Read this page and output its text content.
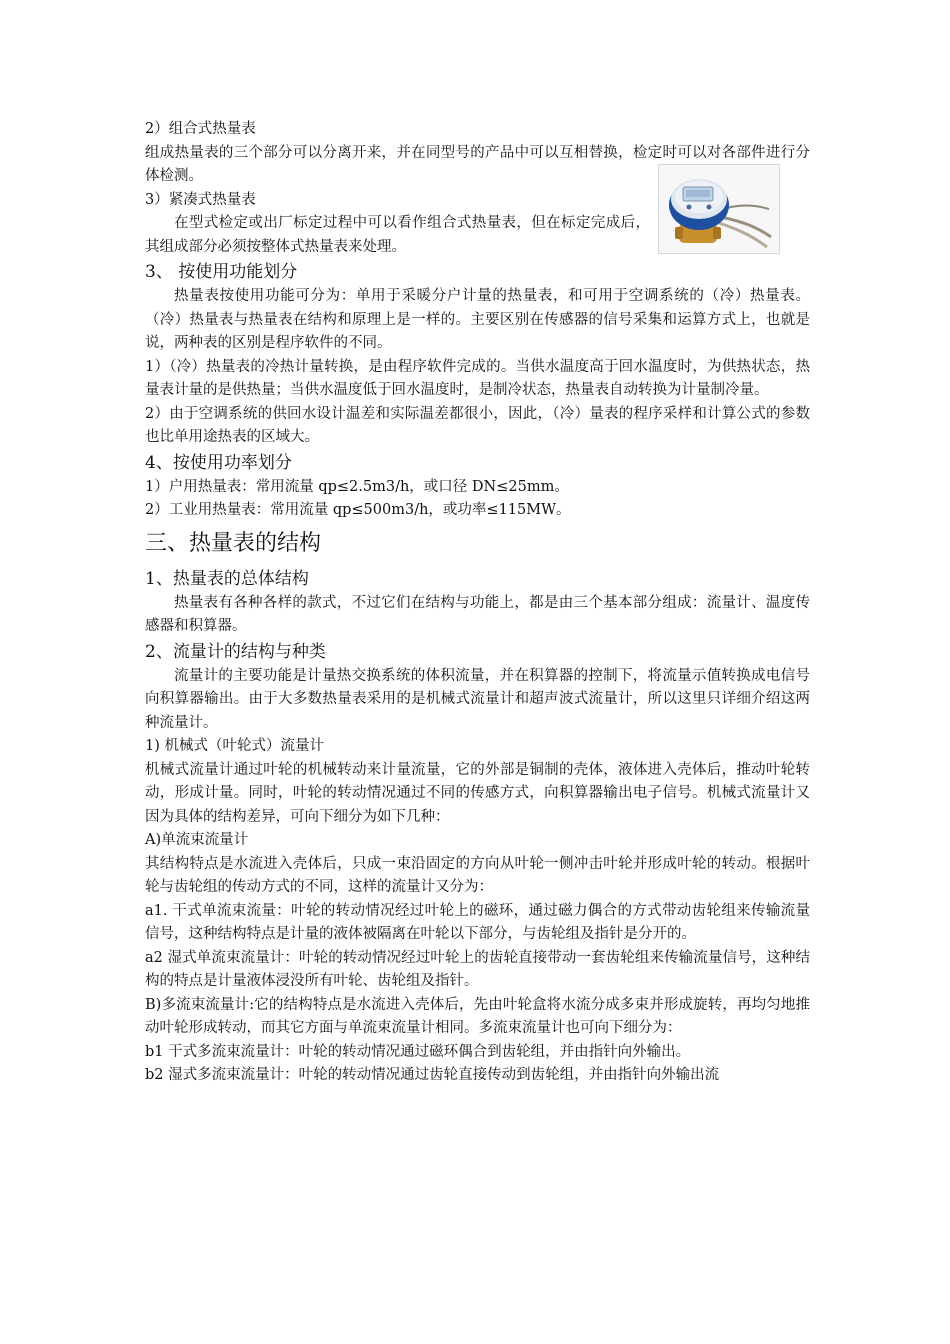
2）组合式热量表

组成热量表的三个部分可以分离开来，并在同型号的产品中可以互相替换，检定时可以对各部件进行分体检测。

3）紧凑式热量表

在型式检定或出厂标定过程中可以看作组合式热量表，但在标定完成后，其组成部分必须按整体式热量表来处理。

3、 按使用功能划分

热量表按使用功能可分为：单用于采暖分户计量的热量表，和可用于空调系统的（冷）热量表。（冷）热量表与热量表在结构和原理上是一样的。主要区别在传感器的信号采集和运算方式上，也就是说，两种表的区别是程序软件的不同。

1）（冷）热量表的冷热计量转换，是由程序软件完成的。当供水温度高于回水温度时，为供热状态，热量表计量的是供热量；当供水温度低于回水温度时，是制冷状态，热量表自动转换为计量制冷量。

2）由于空调系统的供回水设计温差和实际温差都很小，因此，（冷）量表的程序采样和计算公式的参数也比单用途热表的区域大。

4、按使用功率划分

1）户用热量表：常用流量 qp≤2.5m3/h，或口径 DN≤25mm。

2）工业用热量表：常用流量 qp≤500m3/h，或功率≤115MW。

三、热量表的结构

1、热量表的总体结构

热量表有各种各样的款式，不过它们在结构与功能上，都是由三个基本部分组成：流量计、温度传感器和积算器。

2、流量计的结构与种类

流量计的主要功能是计量热交换系统的体积流量，并在积算器的控制下，将流量示值转换成电信号向积算器输出。由于大多数热量表采用的是机械式流量计和超声波式流量计，所以这里只详细介绍这两种流量计。

1) 机械式（叶轮式）流量计

机械式流量计通过叶轮的机械转动来计量流量，它的外部是铜制的壳体，液体进入壳体后，推动叶轮转动，形成计量。同时，叶轮的转动情况通过不同的传感方式，向积算器输出电子信号。机械式流量计又因为具体的结构差异，可向下细分为如下几种：

A)单流束流量计

其结构特点是水流进入壳体后，只成一束沿固定的方向从叶轮一侧冲击叶轮并形成叶轮的转动。根据叶轮与齿轮组的传动方式的不同，这样的流量计又分为：

a1. 干式单流束流量：叶轮的转动情况经过叶轮上的磁环，通过磁力偶合的方式带动齿轮组来传输流量信号，这种结构特点是计量的液体被隔离在叶轮以下部分，与齿轮组及指针是分开的。

a2 湿式单流束流量计：叶轮的转动情况经过叶轮上的齿轮直接带动一套齿轮组来传输流量信号，这种结构的特点是计量液体浸没所有叶轮、齿轮组及指针。

B)多流束流量计:它的结构特点是水流进入壳体后，先由叶轮盒将水流分成多束并形成旋转，再均匀地推动叶轮形成转动，而其它方面与单流束流量计相同。多流束流量计也可向下细分为：

b1 干式多流束流量计：叶轮的转动情况通过磁环偶合到齿轮组，并由指针向外输出。

b2 湿式多流束流量计：叶轮的转动情况通过齿轮直接传动到齿轮组，并由指针向外输出流
